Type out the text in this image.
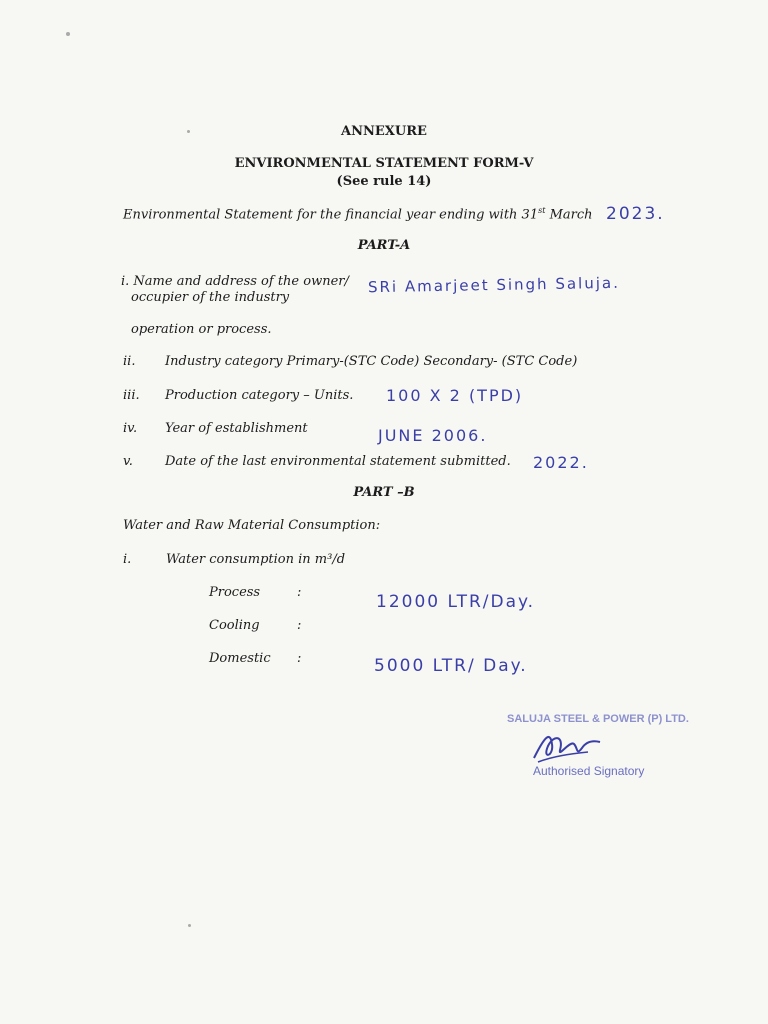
ANNEXURE
ENVIRONMENTAL STATEMENT FORM-V
(See rule 14)
Environmental Statement for the financial year ending with 31st March 2023.
PART-A
i. Name and address of the owner/
occupier of the industry
SRi Amarjeet Singh Saluja.
operation or process.
ii. Industry category Primary-(STC Code) Secondary- (STC Code)
iii. Production category – Units. 100 X 2 (TPD)
iv. Year of establishment	JUNE 2006.
v. Date of the last environmental statement submitted. 2022.
PART –B
Water and Raw Material Consumption:
i.	Water consumption in m³/d
Process	:	12000 LTR/Day.
Cooling	:
Domestic :	5000 LTR/ Day.
SALUJA STEEL & POWER (P) LTD.
Authorised Signatory
